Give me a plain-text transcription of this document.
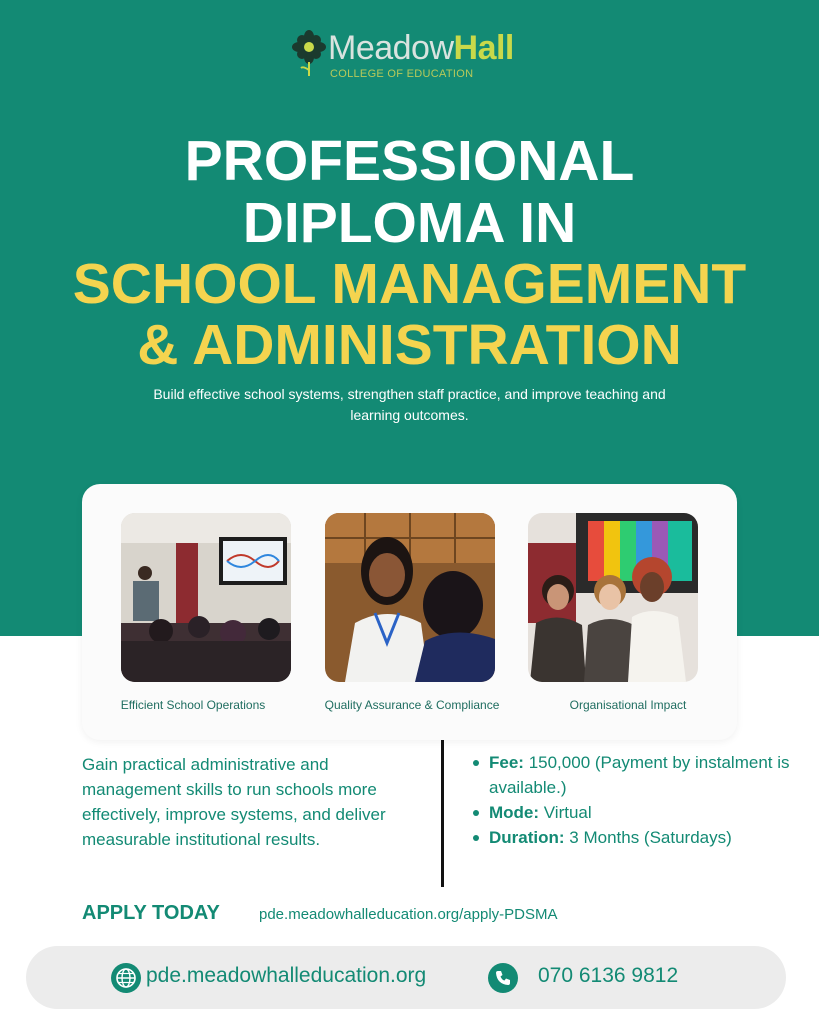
MeadowHall
COLLEGE OF EDUCATION
PROFESSIONAL
DIPLOMA IN
SCHOOL MANAGEMENT
& ADMINISTRATION
Build effective school systems, strengthen staff practice, and improve teaching and learning outcomes.
Efficient School Operations	Quality Assurance & Compliance	Organisational Impact
Gain practical administrative and management skills to run schools more effectively, improve systems, and deliver measurable institutional results.
Fee: 150,000 (Payment by instalment is available.)
Mode: Virtual
Duration: 3 Months (Saturdays)
APPLY TODAY	pde.meadowhalleducation.org/apply-PDSMA
pde.meadowhalleducation.org	070 6136 9812
